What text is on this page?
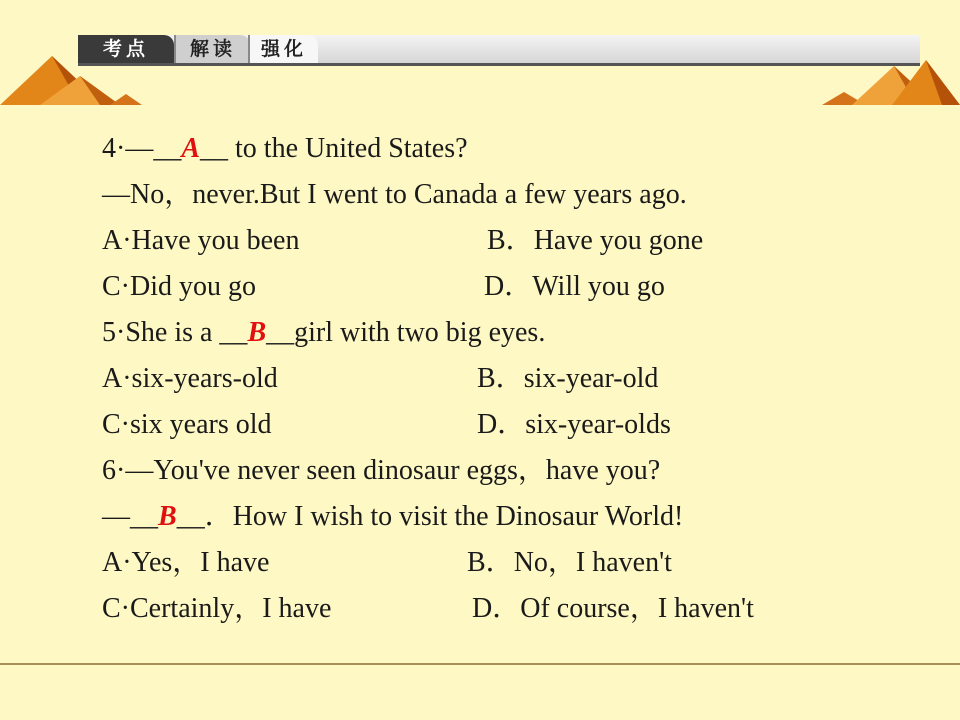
考点	解读	强化
4·—__A__ to the United States?
—No，never.But I went to Canada a few years ago.
A·Have you been	B．Have you gone
C·Did you go	D．Will you go
5·She is a __B__girl with two big eyes.
A·six-years-old	B．six-year-old
C·six years old	D．six-year-olds
6·—You've never seen dinosaur eggs，have you?
—__B__．How I wish to visit the Dinosaur World!
A·Yes，I have	B．No，I haven't
C·Certainly，I have	D．Of course，I haven't
